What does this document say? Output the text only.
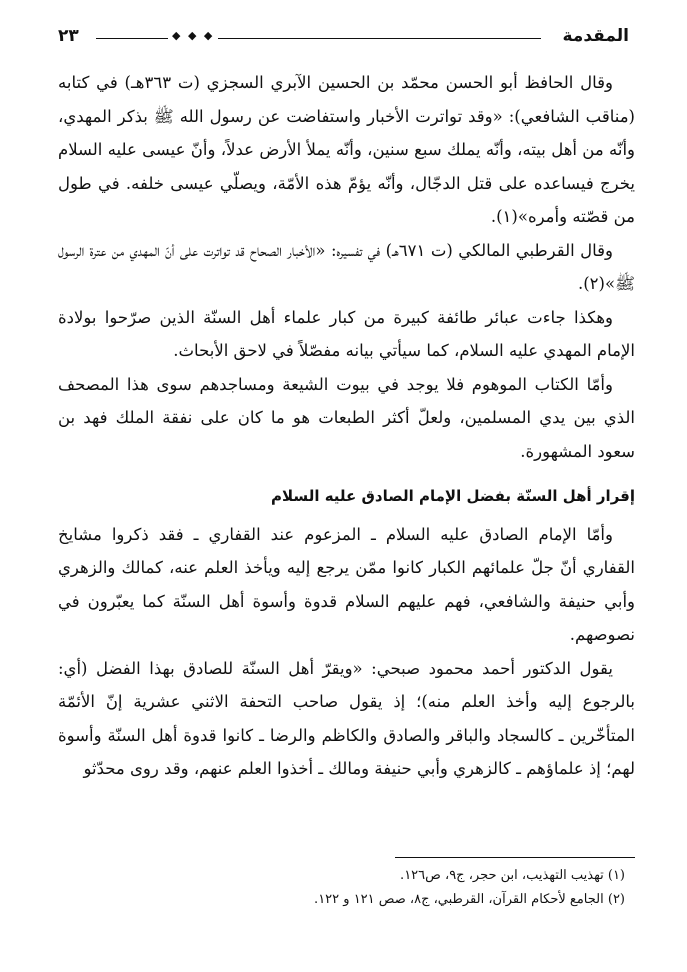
المقدمة
◆ ◆ ◆
٢٣

وقال الحافظ أبو الحسن محمّد بن الحسين الآبري السجزي (ت ٣٦٣هـ) في كتابه (مناقب الشافعي): «وقد تواترت الأخبار واستفاضت عن رسول الله ﷺ بذكر المهدي، وأنّه من أهل بيته، وأنّه يملك سبع سنين، وأنّه يملأ الأرض عدلاً، وأنّ عيسى عليه السلام يخرج فيساعده على قتل الدجّال، وأنّه يؤمّ هذه الأمّة، ويصلّي عيسى خلفه. في طول من قصّته وأمره»(١).

وقال القرطبي المالكي (ت ٦٧١هـ) في تفسيره: «الأخبار الصحاح قد تواترت على أنّ المهدي من عترة الرسول ﷺ»(٢).

وهكذا جاءت عبائر طائفة كبيرة من كبار علماء أهل السنّة الذين صرّحوا بولادة الإمام المهدي عليه السلام، كما سيأتي بيانه مفصّلاً في لاحق الأبحاث.

وأمّا الكتاب الموهوم فلا يوجد في بيوت الشيعة ومساجدهم سوى هذا المصحف الذي بين يدي المسلمين، ولعلّ أكثر الطبعات هو ما كان على نفقة الملك فهد بن سعود المشهورة.

إقرار أهل السنّة بفضل الإمام الصادق عليه السلام

وأمّا الإمام الصادق عليه السلام ـ المزعوم عند القفاري ـ فقد ذكروا مشايخ القفاري أنّ جلّ علمائهم الكبار كانوا ممّن يرجع إليه ويأخذ العلم عنه، كمالك والزهري وأبي حنيفة والشافعي، فهم عليهم السلام قدوة وأسوة أهل السنّة كما يعبّرون في نصوصهم.

يقول الدكتور أحمد محمود صبحي: «ويقرّ أهل السنّة للصادق بهذا الفضل (أي: بالرجوع إليه وأخذ العلم منه)؛ إذ يقول صاحب التحفة الاثني عشرية إنّ الأئمّة المتأخّرين ـ كالسجاد والباقر والصادق والكاظم والرضا ـ كانوا قدوة أهل السنّة وأسوة لهم؛ إذ علماؤهم ـ كالزهري وأبي حنيفة ومالك ـ أخذوا العلم عنهم، وقد روى محدّثو

(١) تهذيب التهذيب، ابن حجر، ج٩، ص١٢٦.
(٢) الجامع لأحكام القرآن، القرطبي، ج٨، صص ١٢١ و ١٢٢.
